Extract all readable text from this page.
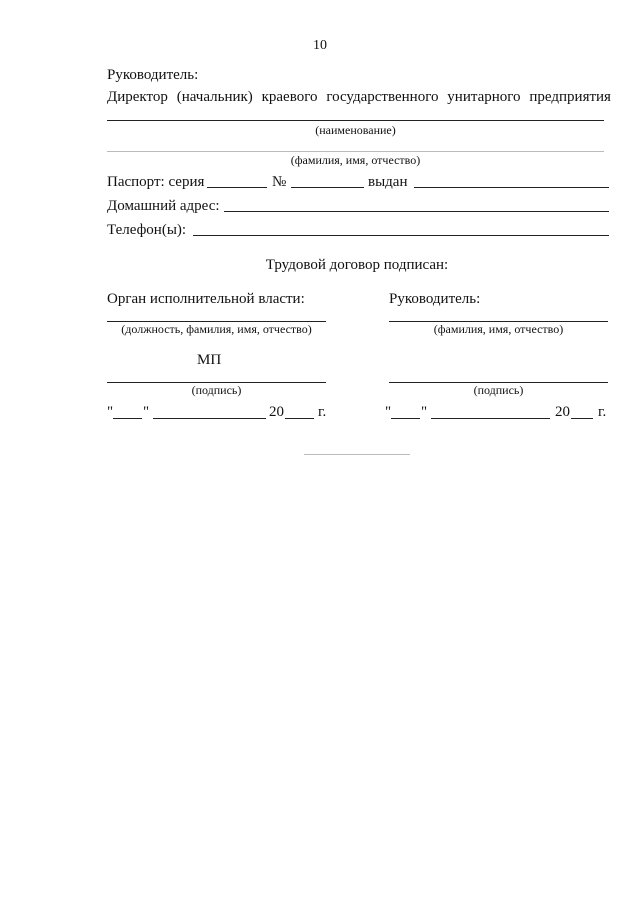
10
Руководитель:
Директор (начальник) краевого государственного унитарного предприятия
(наименование)
(фамилия, имя, отчество)
Паспорт: серия	№	выдан
Домашний адрес:
Телефон(ы):
Трудовой договор подписан:
Орган исполнительной власти:
(должность, фамилия, имя, отчество)
МП
(подпись)
" "	20 г.
Руководитель:
(фамилия, имя, отчество)
(подпись)
" "	20 г.
